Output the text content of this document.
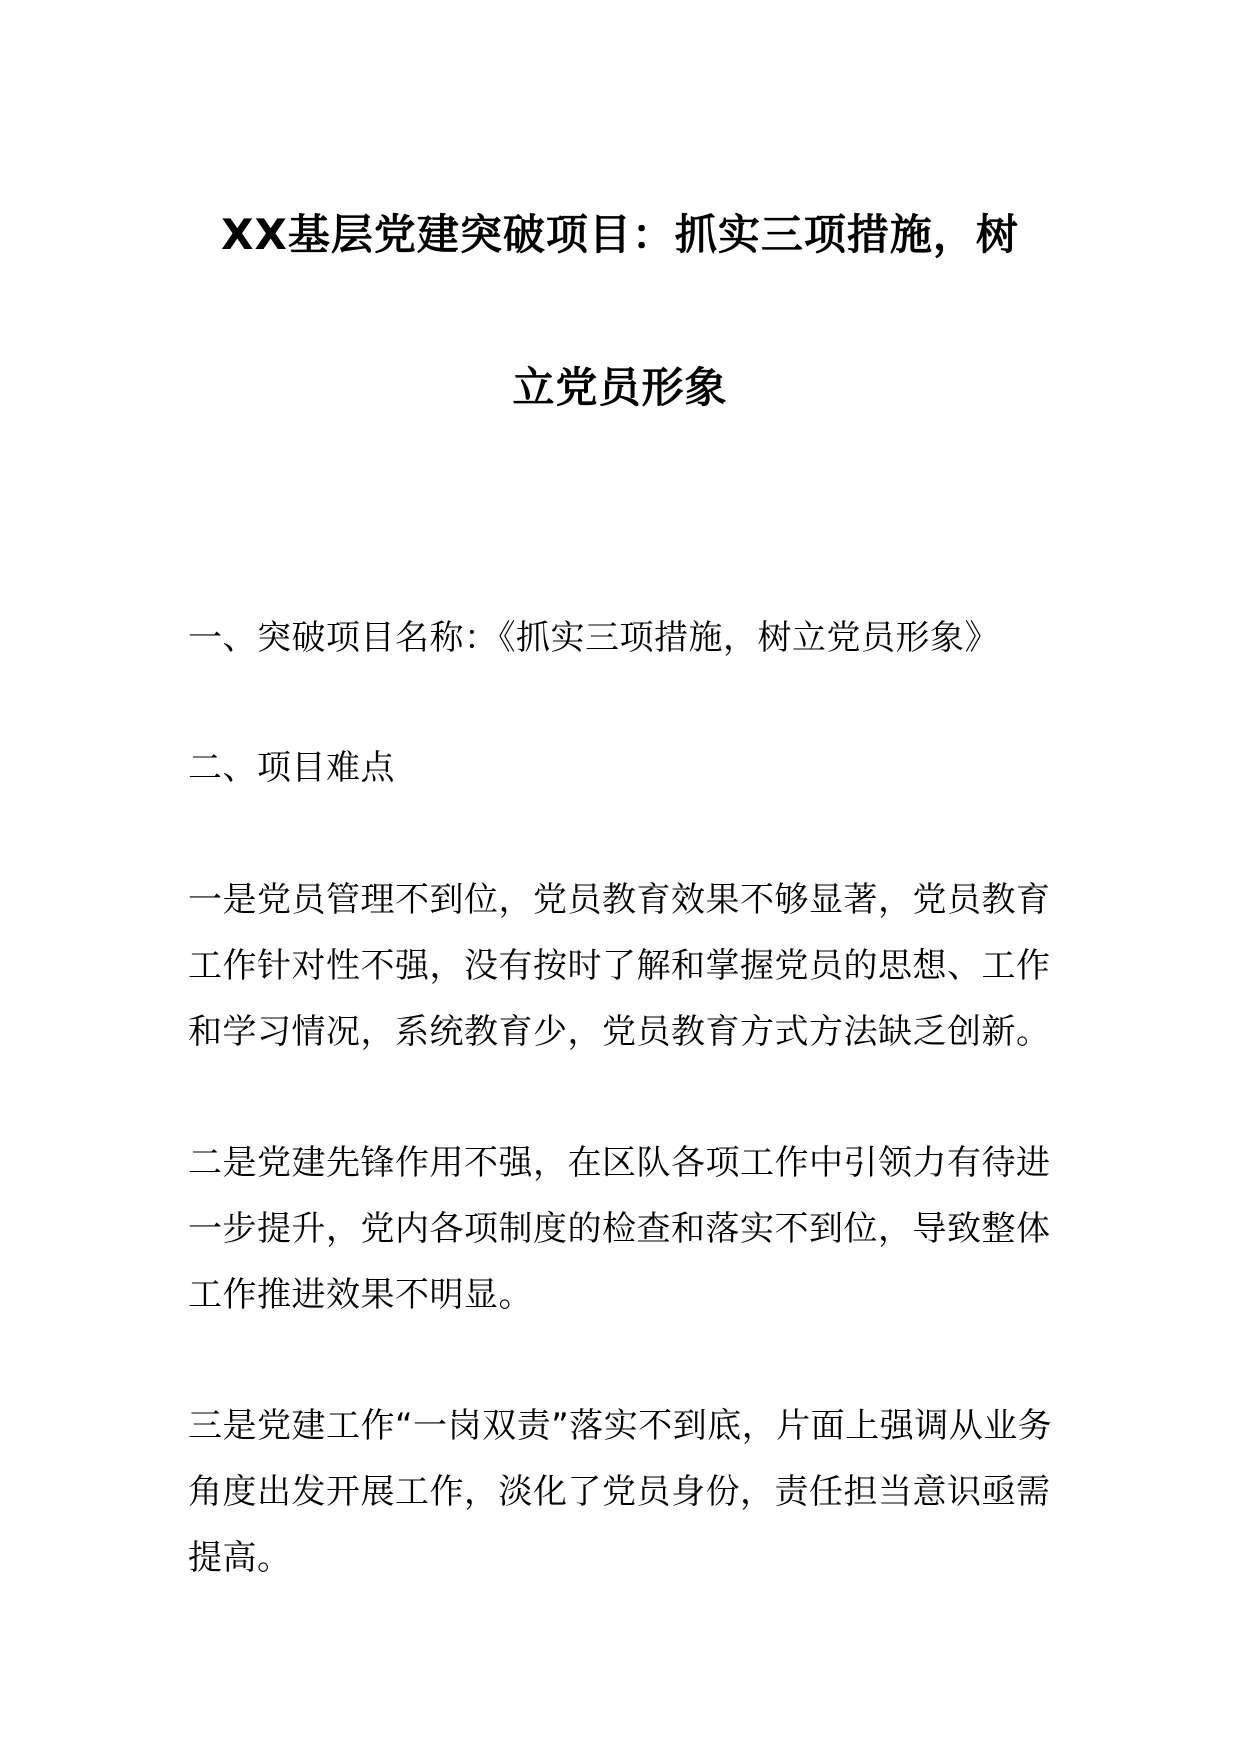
XX基层党建突破项目：抓实三项措施，树
立党员形象

一、突破项目名称：《抓实三项措施，树立党员形象》

二、项目难点

一是党员管理不到位，党员教育效果不够显著，党员教育工作针对性不强，没有按时了解和掌握党员的思想、工作和学习情况，系统教育少，党员教育方式方法缺乏创新。

二是党建先锋作用不强，在区队各项工作中引领力有待进一步提升，党内各项制度的检查和落实不到位，导致整体工作推进效果不明显。

三是党建工作“一岗双责”落实不到底，片面上强调从业务角度出发开展工作，淡化了党员身份，责任担当意识亟需提高。
